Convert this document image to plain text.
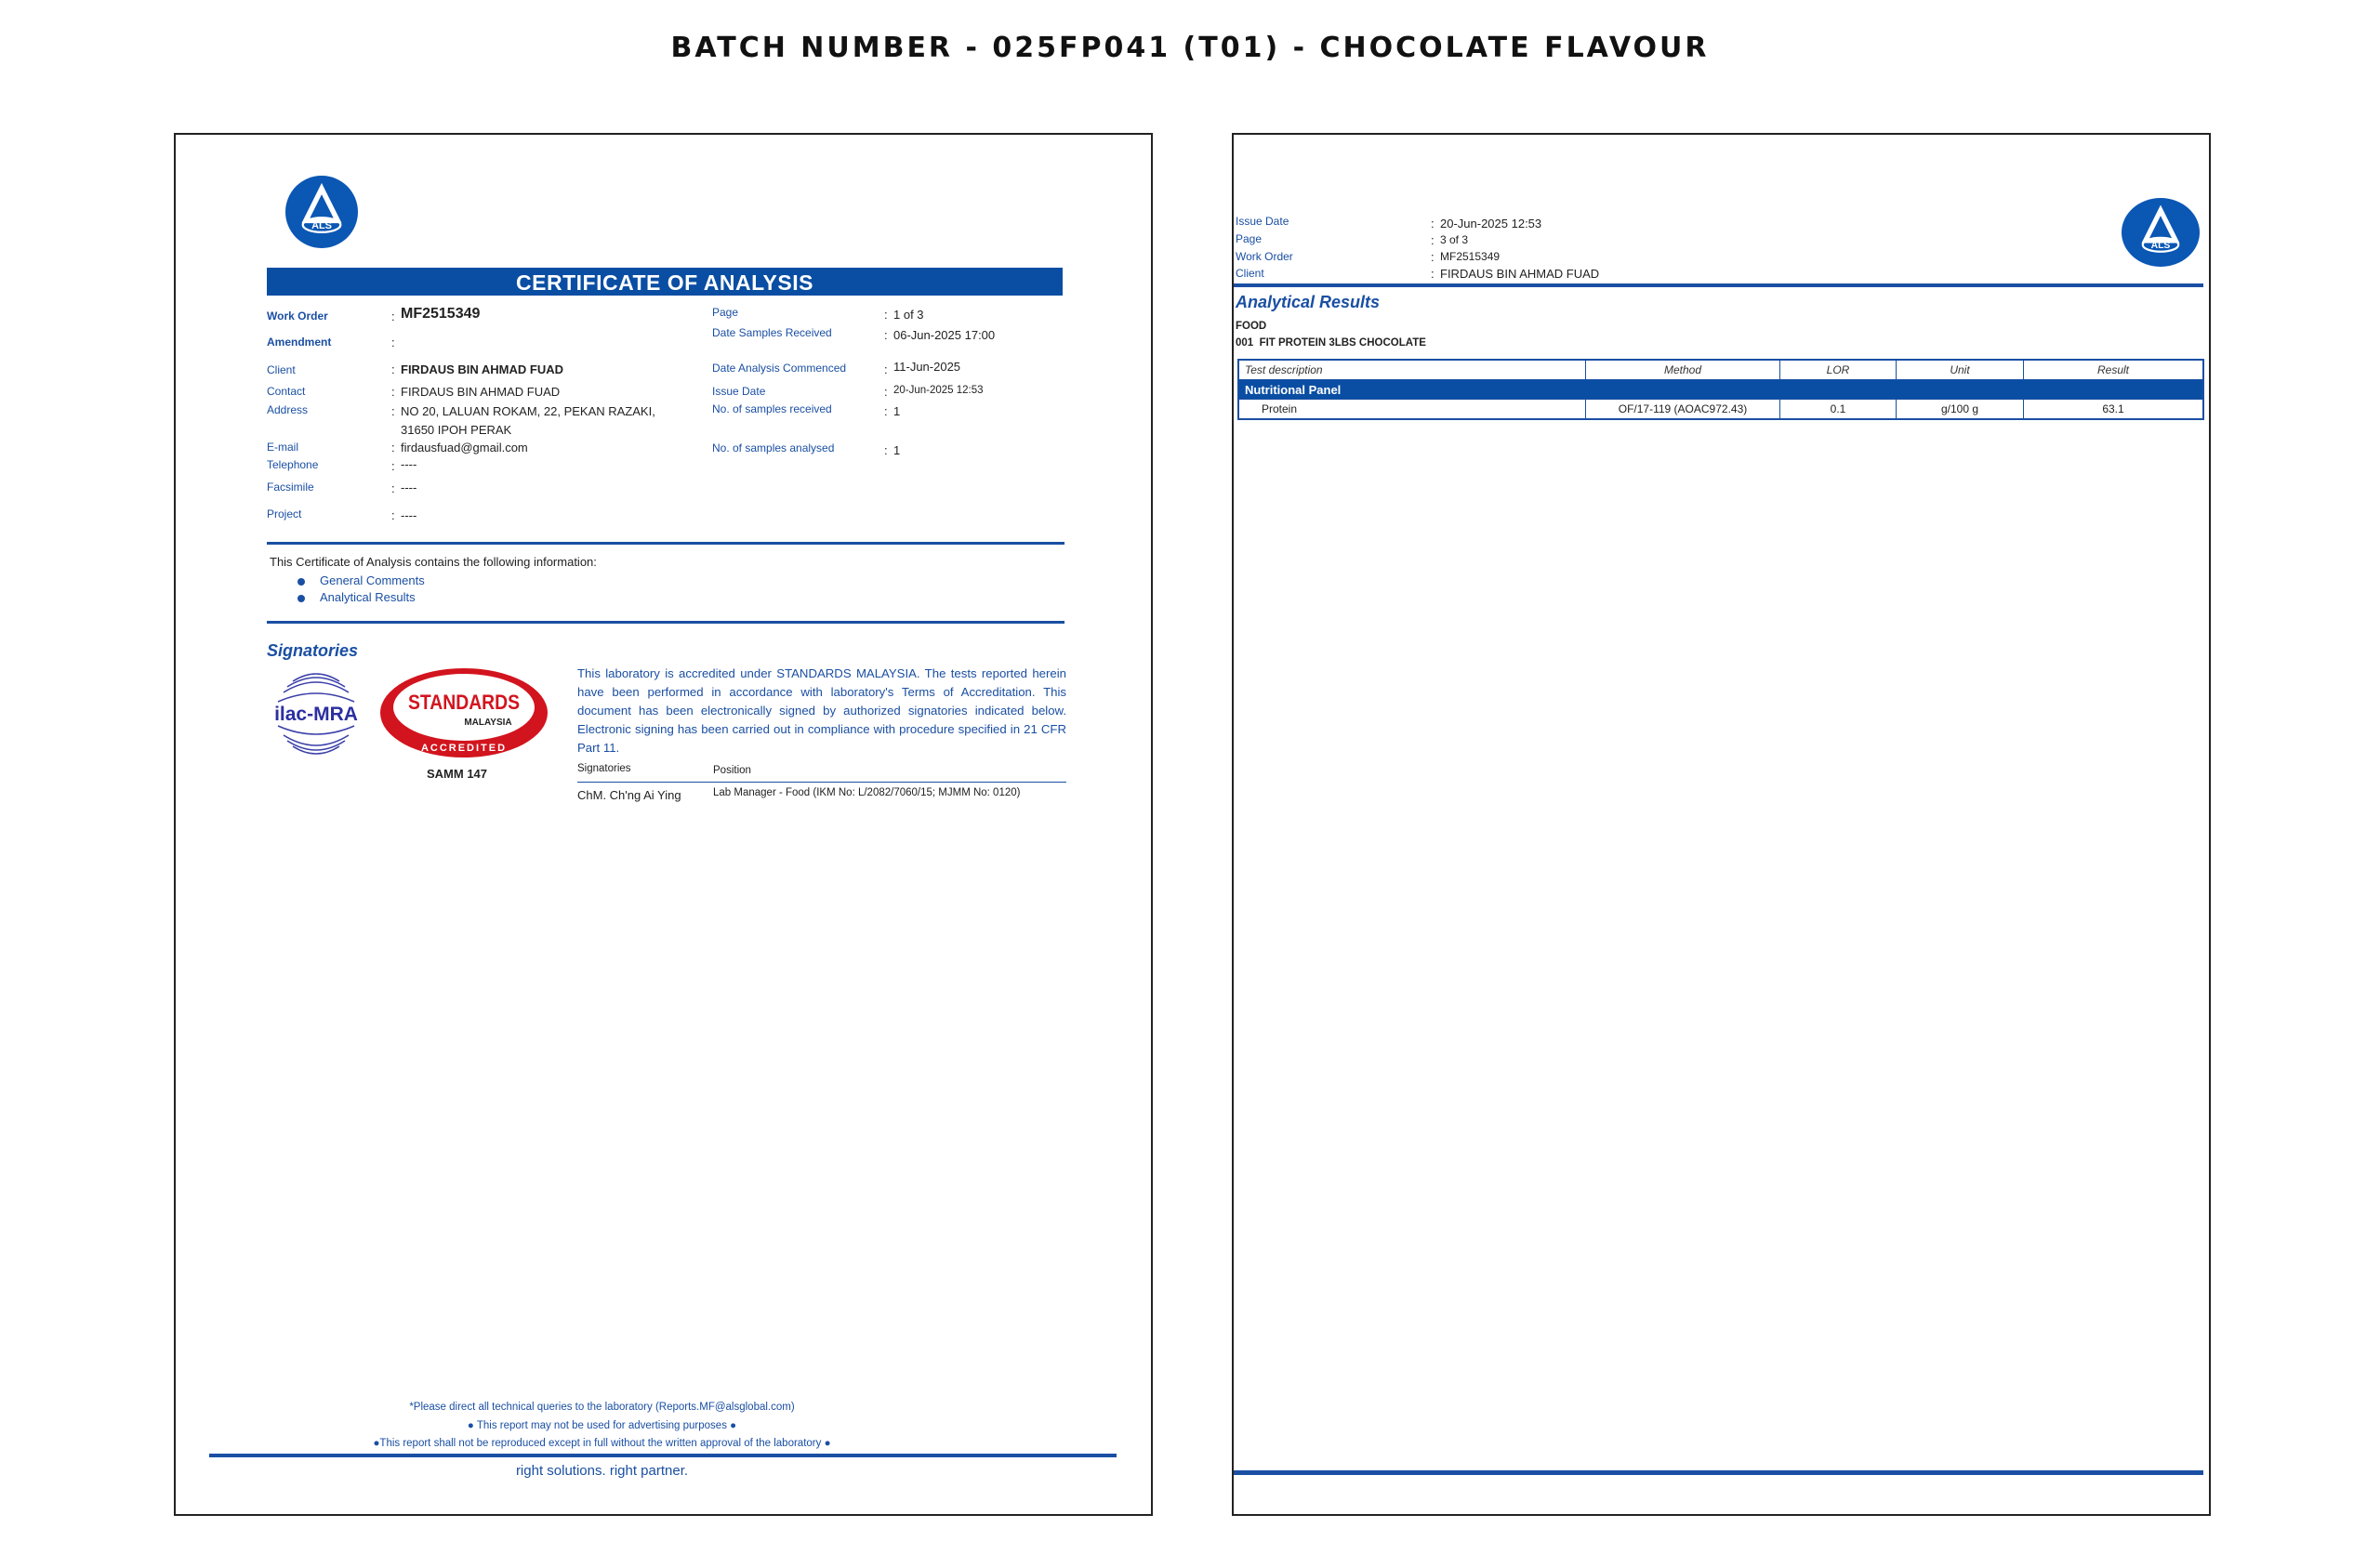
BATCH NUMBER - 025FP041 (T01) - CHOCOLATE FLAVOUR
ALS
CERTIFICATE OF ANALYSIS
Work Order	: MF2515349
Amendment	:
Client	: FIRDAUS BIN AHMAD FUAD
Contact	: FIRDAUS BIN AHMAD FUAD
Address	: NO 20, LALUAN ROKAM, 22, PEKAN RAZAKI,
31650 IPOH PERAK
E-mail	: firdausfuad@gmail.com
Telephone	: ----
Facsimile	: ----
Project	: ----
Page	: 1 of 3
Date Samples Received	: 06-Jun-2025 17:00
Date Analysis Commenced	: 11-Jun-2025
Issue Date	: 20-Jun-2025 12:53
No. of samples received	: 1
No. of samples analysed	: 1
This Certificate of Analysis contains the following information:
General Comments
Analytical Results
Signatories
ilac-MRA
STANDARDS
MALAYSIA
ACCREDITED
SAMM 147
This laboratory is accredited under STANDARDS MALAYSIA. The tests reported herein have been performed in accordance with laboratory's Terms of Accreditation. This document has been electronically signed by authorized signatories indicated below. Electronic signing has been carried out in compliance with procedure specified in 21 CFR Part 11.
Signatories	Position
ChM. Ch'ng Ai Ying	Lab Manager - Food (IKM No: L/2082/7060/15; MJMM No: 0120)
*Please direct all technical queries to the laboratory (Reports.MF@alsglobal.com)
● This report may not be used for advertising purposes ●
●This report shall not be reproduced except in full without the written approval of the laboratory ●
right solutions. right partner.
Issue Date	: 20-Jun-2025 12:53
Page	: 3 of 3
Work Order	: MF2515349
Client	: FIRDAUS BIN AHMAD FUAD
ALS
Analytical Results
FOOD
001  FIT PROTEIN 3LBS CHOCOLATE
Test description	Method	LOR	Unit	Result
Nutritional Panel				
Protein	OF/17-119 (AOAC972.43)	0.1	g/100 g	63.1
